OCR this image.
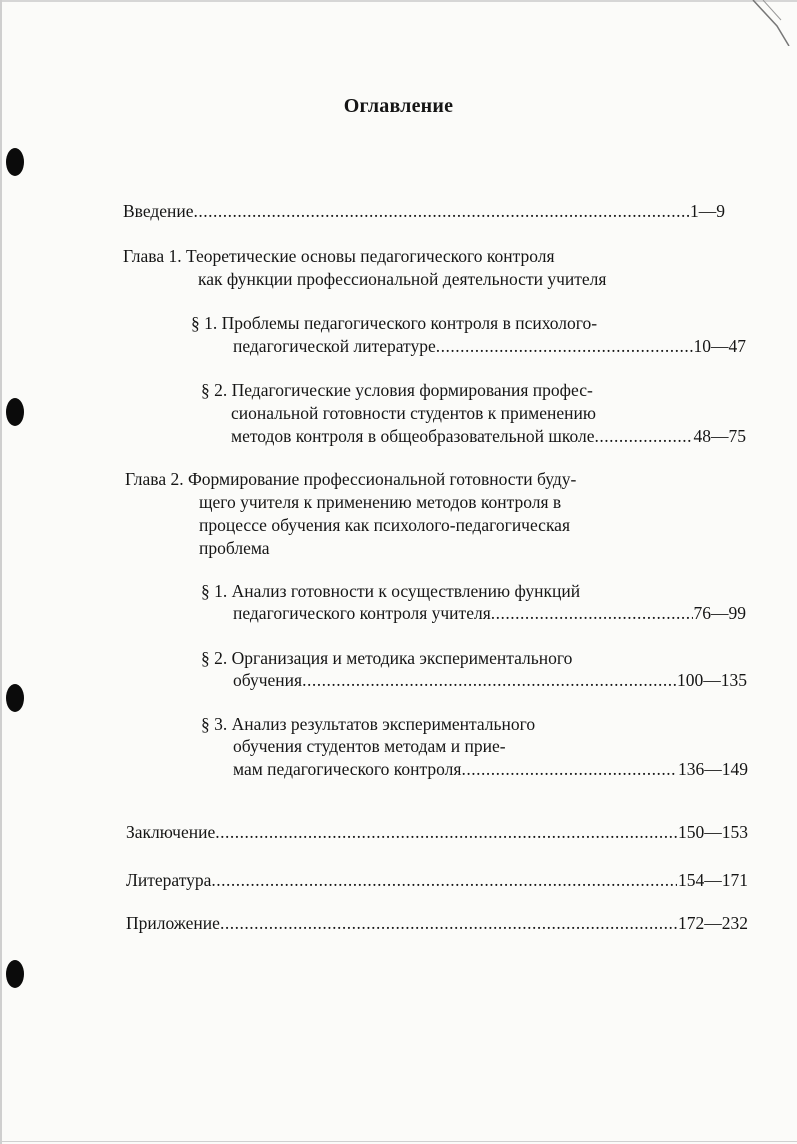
Оглавление
Введение .....	1—9
Глава 1. Теоретические основы педагогического контроля
как функции профессиональной деятельности учителя
§ 1. Проблемы педагогического контроля в психолого-
педагогической литературе .....	10—47
§ 2. Педагогические условия формирования профес-
сиональной готовности студентов к применению
методов контроля в общеобразовательной школе .....	48—75
Глава 2. Формирование профессиональной готовности буду-
щего учителя к применению методов контроля в
процессе обучения как психолого-педагогическая
проблема
§ 1. Анализ готовности к осуществлению функций
педагогического контроля учителя .....	76—99
§ 2. Организация и методика экспериментального
обучения .....	100—135
§ 3. Анализ результатов экспериментального
обучения студентов методам и прие-
мам педагогического контроля .....	136—149
Заключение .....	150—153
Литература .....	154—171
Приложение .....	172—232
